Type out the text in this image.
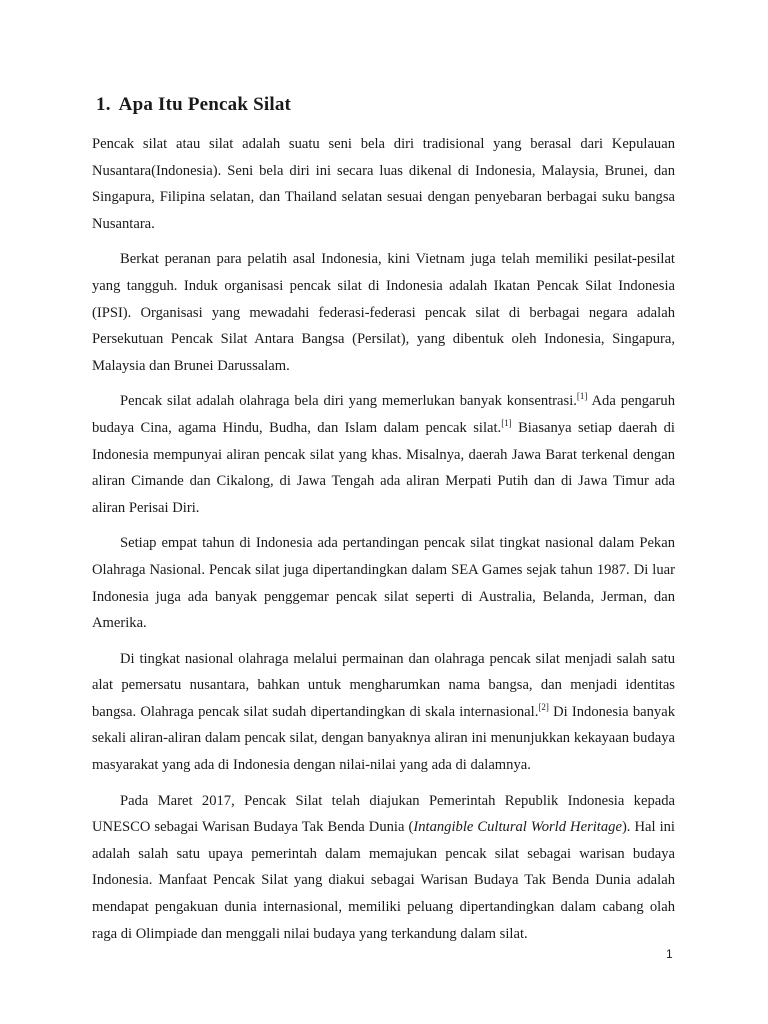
1. Apa Itu Pencak Silat

Pencak silat atau silat adalah suatu seni bela diri tradisional yang berasal dari Kepulauan Nusantara(Indonesia). Seni bela diri ini secara luas dikenal di Indonesia, Malaysia, Brunei, dan Singapura, Filipina selatan, dan Thailand selatan sesuai dengan penyebaran berbagai suku bangsa Nusantara.

Berkat peranan para pelatih asal Indonesia, kini Vietnam juga telah memiliki pesilat-pesilat yang tangguh. Induk organisasi pencak silat di Indonesia adalah Ikatan Pencak Silat Indonesia (IPSI). Organisasi yang mewadahi federasi-federasi pencak silat di berbagai negara adalah Persekutuan Pencak Silat Antara Bangsa (Persilat), yang dibentuk oleh Indonesia, Singapura, Malaysia dan Brunei Darussalam.

Pencak silat adalah olahraga bela diri yang memerlukan banyak konsentrasi.[1] Ada pengaruh budaya Cina, agama Hindu, Budha, dan Islam dalam pencak silat.[1] Biasanya setiap daerah di Indonesia mempunyai aliran pencak silat yang khas. Misalnya, daerah Jawa Barat terkenal dengan aliran Cimande dan Cikalong, di Jawa Tengah ada aliran Merpati Putih dan di Jawa Timur ada aliran Perisai Diri.

Setiap empat tahun di Indonesia ada pertandingan pencak silat tingkat nasional dalam Pekan Olahraga Nasional. Pencak silat juga dipertandingkan dalam SEA Games sejak tahun 1987. Di luar Indonesia juga ada banyak penggemar pencak silat seperti di Australia, Belanda, Jerman, dan Amerika.

Di tingkat nasional olahraga melalui permainan dan olahraga pencak silat menjadi salah satu alat pemersatu nusantara, bahkan untuk mengharumkan nama bangsa, dan menjadi identitas bangsa. Olahraga pencak silat sudah dipertandingkan di skala internasional.[2] Di Indonesia banyak sekali aliran-aliran dalam pencak silat, dengan banyaknya aliran ini menunjukkan kekayaan budaya masyarakat yang ada di Indonesia dengan nilai-nilai yang ada di dalamnya.

Pada Maret 2017, Pencak Silat telah diajukan Pemerintah Republik Indonesia kepada UNESCO sebagai Warisan Budaya Tak Benda Dunia (Intangible Cultural World Heritage). Hal ini adalah salah satu upaya pemerintah dalam memajukan pencak silat sebagai warisan budaya Indonesia. Manfaat Pencak Silat yang diakui sebagai Warisan Budaya Tak Benda Dunia adalah mendapat pengakuan dunia internasional, memiliki peluang dipertandingkan dalam cabang olah raga di Olimpiade dan menggali nilai budaya yang terkandung dalam silat.

1
